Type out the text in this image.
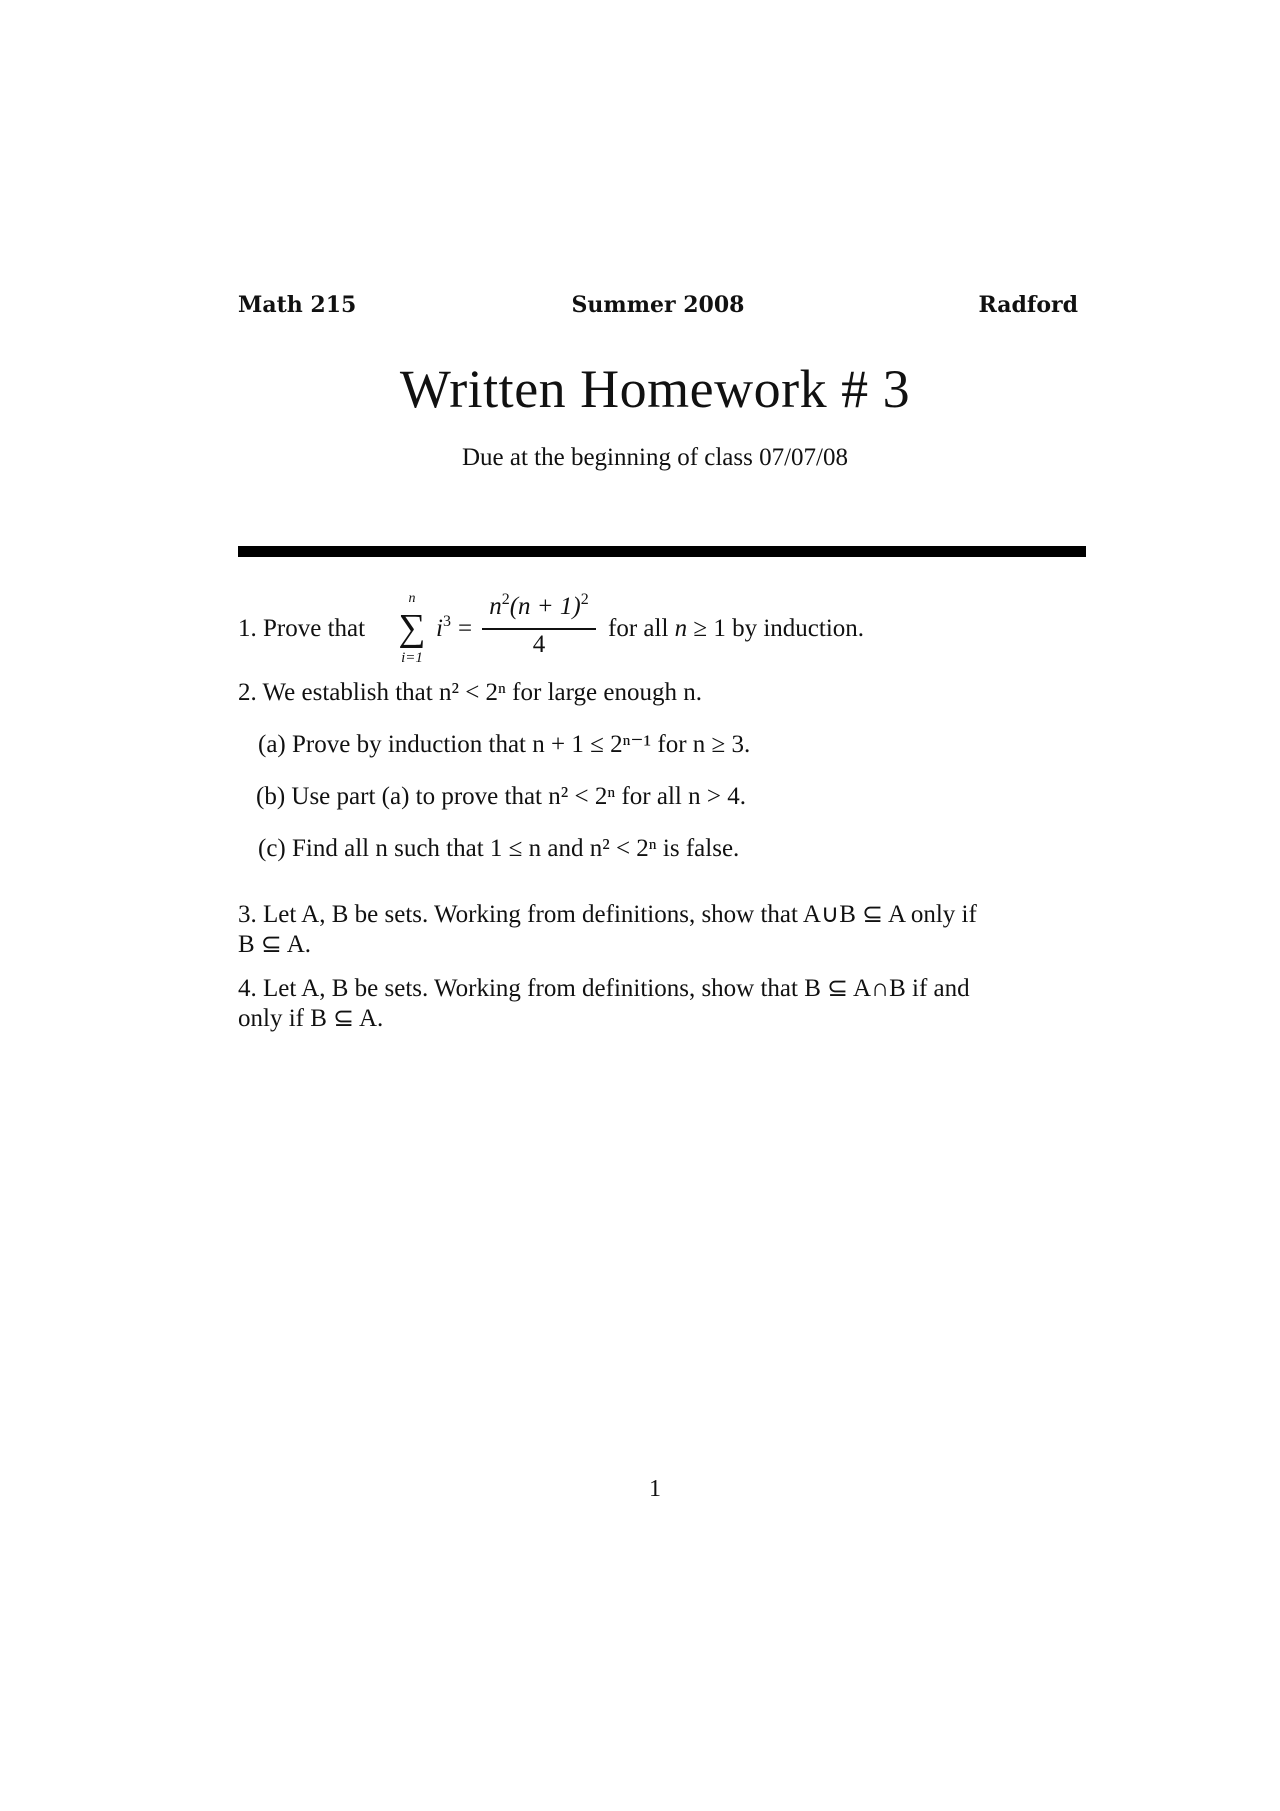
Math 215	Summer 2008	Radford
Written Homework # 3
Due at the beginning of class 07/07/08
1. Prove that
n
∑
i=1
$i^3$ =
$n^2(n + 1)^2$
4
for all n ≥ 1 by induction.
2. We establish that n² < 2ⁿ for large enough n.
(a) Prove by induction that n + 1 ≤ 2ⁿ⁻¹ for n ≥ 3.
(b) Use part (a) to prove that n² < 2ⁿ for all n > 4.
(c) Find all n such that 1 ≤ n and n² < 2ⁿ is false.
3. Let A, B be sets. Working from definitions, show that A∪B ⊆ A only if
B ⊆ A.
4. Let A, B be sets. Working from definitions, show that B ⊆ A∩B if and
only if B ⊆ A.
1
